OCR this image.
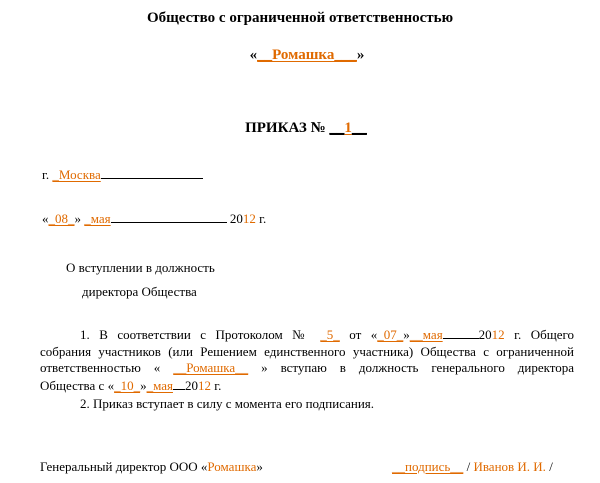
Общество с ограниченной ответственностью
«__Ромашка___»
ПРИКАЗ № __1__
г. _Москва
«_08_» _мая	2012 г.
О вступлении в должность
директора Общества
1. В соответствии с Протоколом № _5_ от «_07_»__мая	2012 г. Общего
собрания участников (или Решением единственного участника) Общества с ограниченной
ответственностью « __Ромашка__ » вступаю в должность генерального директора
Общества с «_10_»_мая 2012 г.
2. Приказ вступает в силу с момента его подписания.
Генеральный директор ООО «Ромашка»	__подпись__ / Иванов И. И. /
